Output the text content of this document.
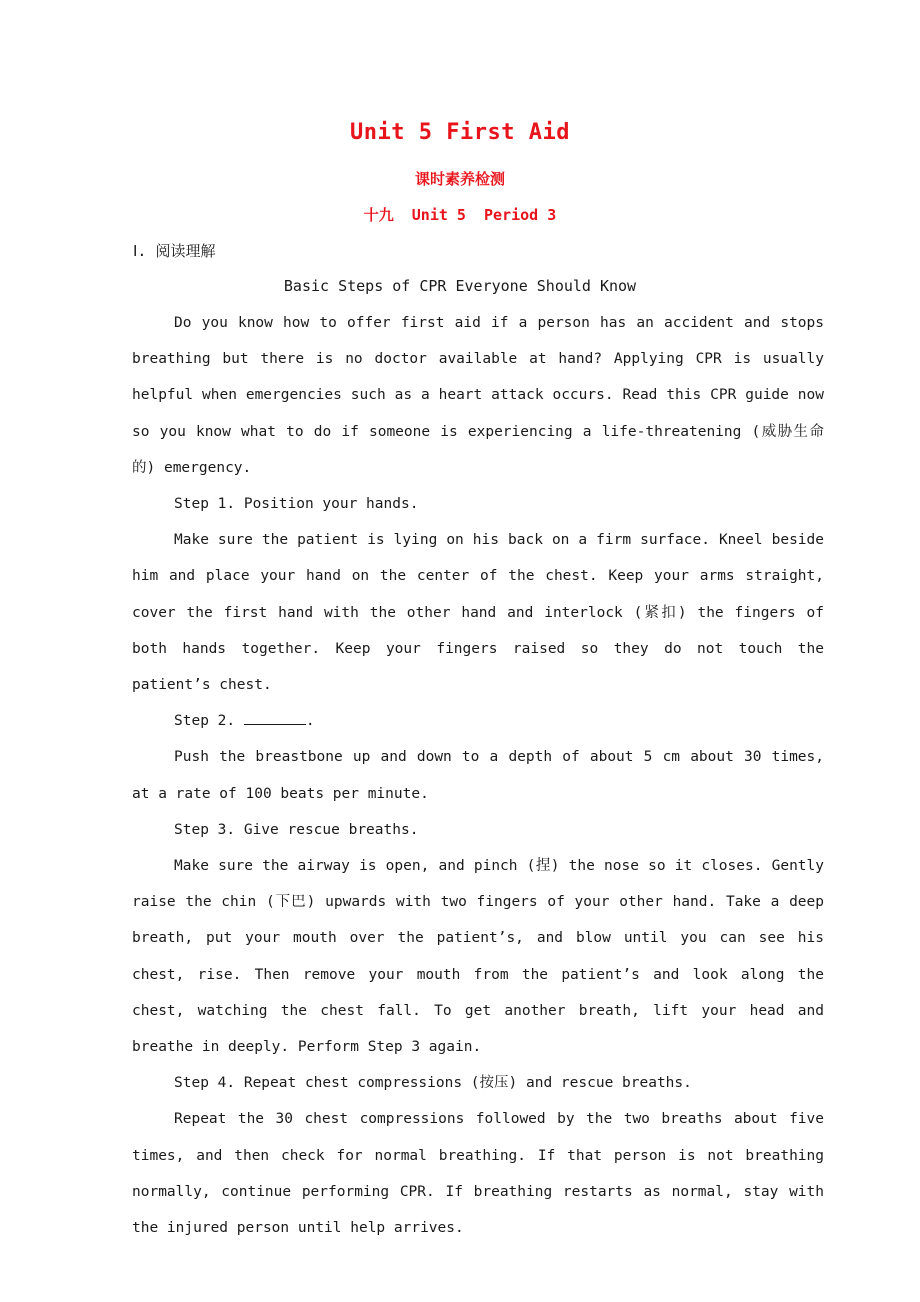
Unit 5 First Aid
课时素养检测
十九  Unit 5  Period 3
Ⅰ. 阅读理解
Basic Steps of CPR Everyone Should Know

Do you know how to offer first aid if a person has an accident and stops breathing but there is no doctor available at hand? Applying CPR is usually helpful when emergencies such as a heart attack occurs. Read this CPR guide now so you know what to do if someone is experiencing a life-threatening (威胁生命的) emergency.

Step 1. Position your hands.

Make sure the patient is lying on his back on a firm surface. Kneel beside him and place your hand on the center of the chest. Keep your arms straight, cover the first hand with the other hand and interlock (紧扣) the fingers of both hands together. Keep your fingers raised so they do not touch the patient’s chest.

Step 2.	.

Push the breastbone up and down to a depth of about 5 cm about 30 times, at a rate of 100 beats per minute.

Step 3. Give rescue breaths.

Make sure the airway is open, and pinch (捏) the nose so it closes. Gently raise the chin (下巴) upwards with two fingers of your other hand. Take a deep breath, put your mouth over the patient’s, and blow until you can see his chest, rise. Then remove your mouth from the patient’s and look along the chest, watching the chest fall. To get another breath, lift your head and breathe in deeply. Perform Step 3 again.

Step 4. Repeat chest compressions (按压) and rescue breaths.

Repeat the 30 chest compressions followed by the two breaths about five times, and then check for normal breathing. If that person is not breathing normally, continue performing CPR. If breathing restarts as normal, stay with the injured person until help arrives.
